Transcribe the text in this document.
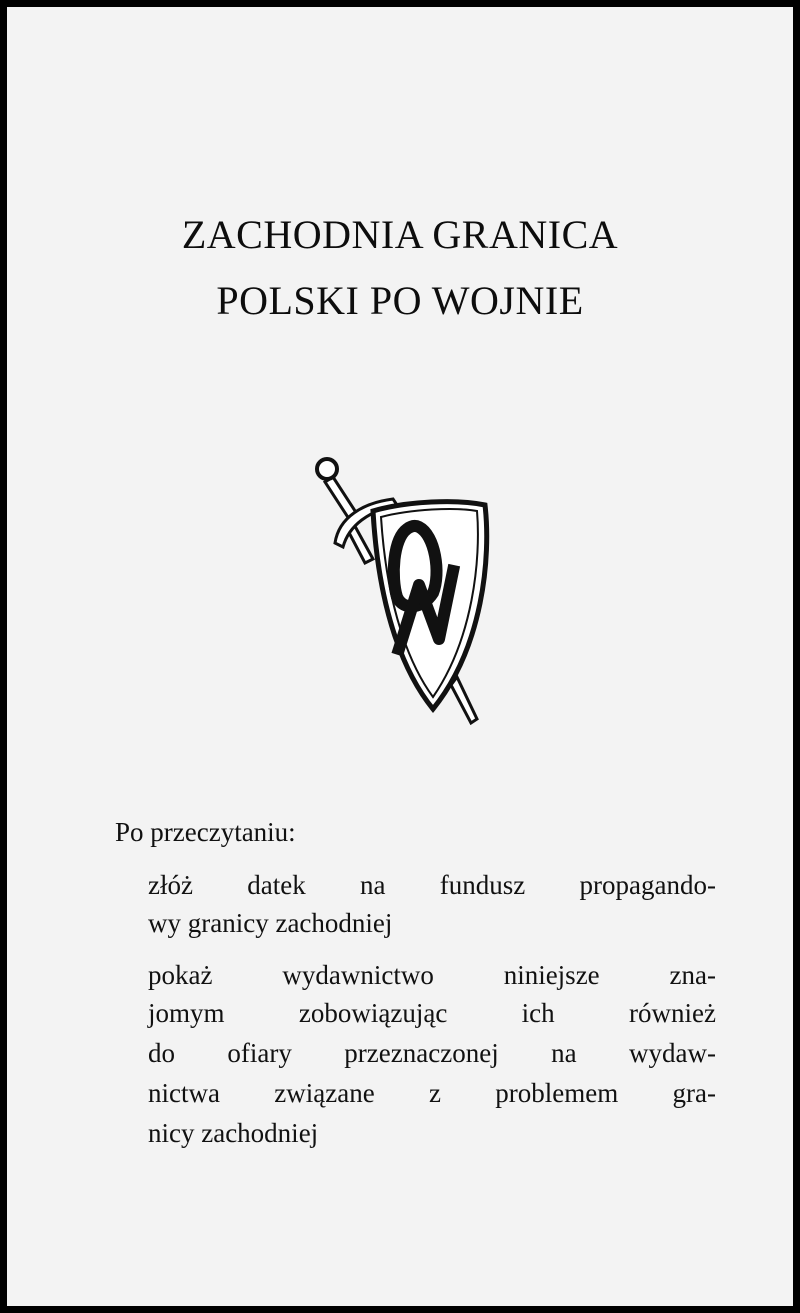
ZACHODNIA GRANICA
POLSKI PO WOJNIE
Po przeczytaniu:
złóż datek na fundusz propagando-
wy granicy zachodniej
pokaż wydawnictwo niniejsze zna-
jomym zobowiązując ich również
do ofiary przeznaczonej na wydaw-
nictwa związane z problemem gra-
nicy zachodniej
